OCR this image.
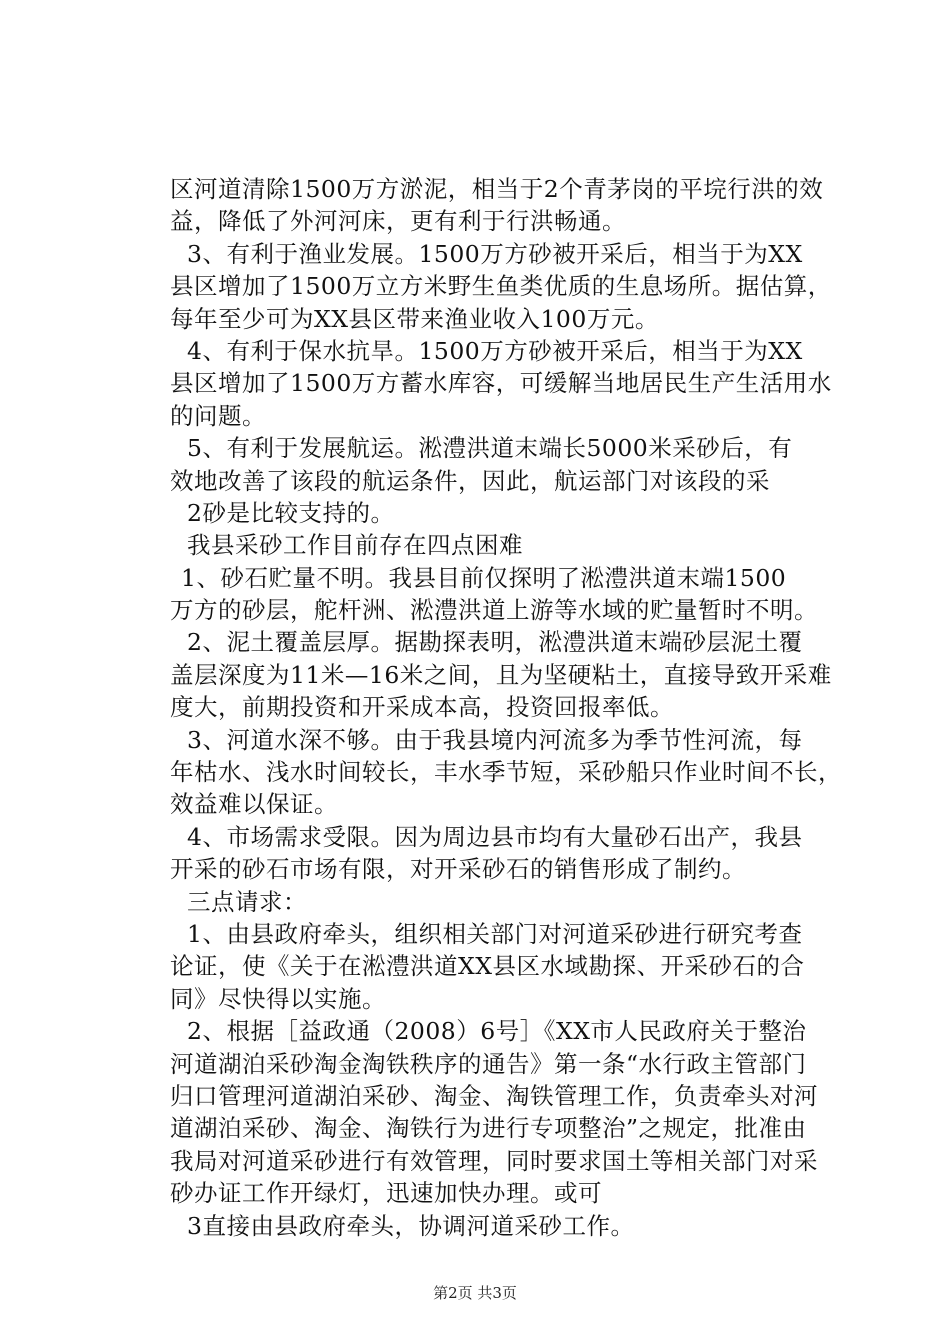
区河道清除1500万方淤泥，相当于2个青茅岗的平垸行洪的效
益，降低了外河河床，更有利于行洪畅通。
3、有利于渔业发展。1500万方砂被开采后，相当于为XX
县区增加了1500万立方米野生鱼类优质的生息场所。据估算，
每年至少可为XX县区带来渔业收入100万元。
4、有利于保水抗旱。1500万方砂被开采后，相当于为XX
县区增加了1500万方蓄水库容，可缓解当地居民生产生活用水
的问题。
5、有利于发展航运。淞澧洪道末端长5000米采砂后，有
效地改善了该段的航运条件，因此，航运部门对该段的采
2砂是比较支持的。
我县采砂工作目前存在四点困难
1、砂石贮量不明。我县目前仅探明了淞澧洪道末端1500
万方的砂层，舵杆洲、淞澧洪道上游等水域的贮量暂时不明。
2、泥土覆盖层厚。据勘探表明，淞澧洪道末端砂层泥土覆
盖层深度为11米—16米之间，且为坚硬粘土，直接导致开采难
度大，前期投资和开采成本高，投资回报率低。
3、河道水深不够。由于我县境内河流多为季节性河流，每
年枯水、浅水时间较长，丰水季节短，采砂船只作业时间不长，
效益难以保证。
4、市场需求受限。因为周边县市均有大量砂石出产，我县
开采的砂石市场有限，对开采砂石的销售形成了制约。
三点请求：
1、由县政府牵头，组织相关部门对河道采砂进行研究考查
论证，使《关于在淞澧洪道XX县区水域勘探、开采砂石的合
同》尽快得以实施。
2、根据［益政通（2008）6号］《XX市人民政府关于整治
河道湖泊采砂淘金淘铁秩序的通告》第一条“水行政主管部门
归口管理河道湖泊采砂、淘金、淘铁管理工作，负责牵头对河
道湖泊采砂、淘金、淘铁行为进行专项整治”之规定，批准由
我局对河道采砂进行有效管理，同时要求国土等相关部门对采
砂办证工作开绿灯，迅速加快办理。或可
3直接由县政府牵头，协调河道采砂工作。
第2页 共3页
